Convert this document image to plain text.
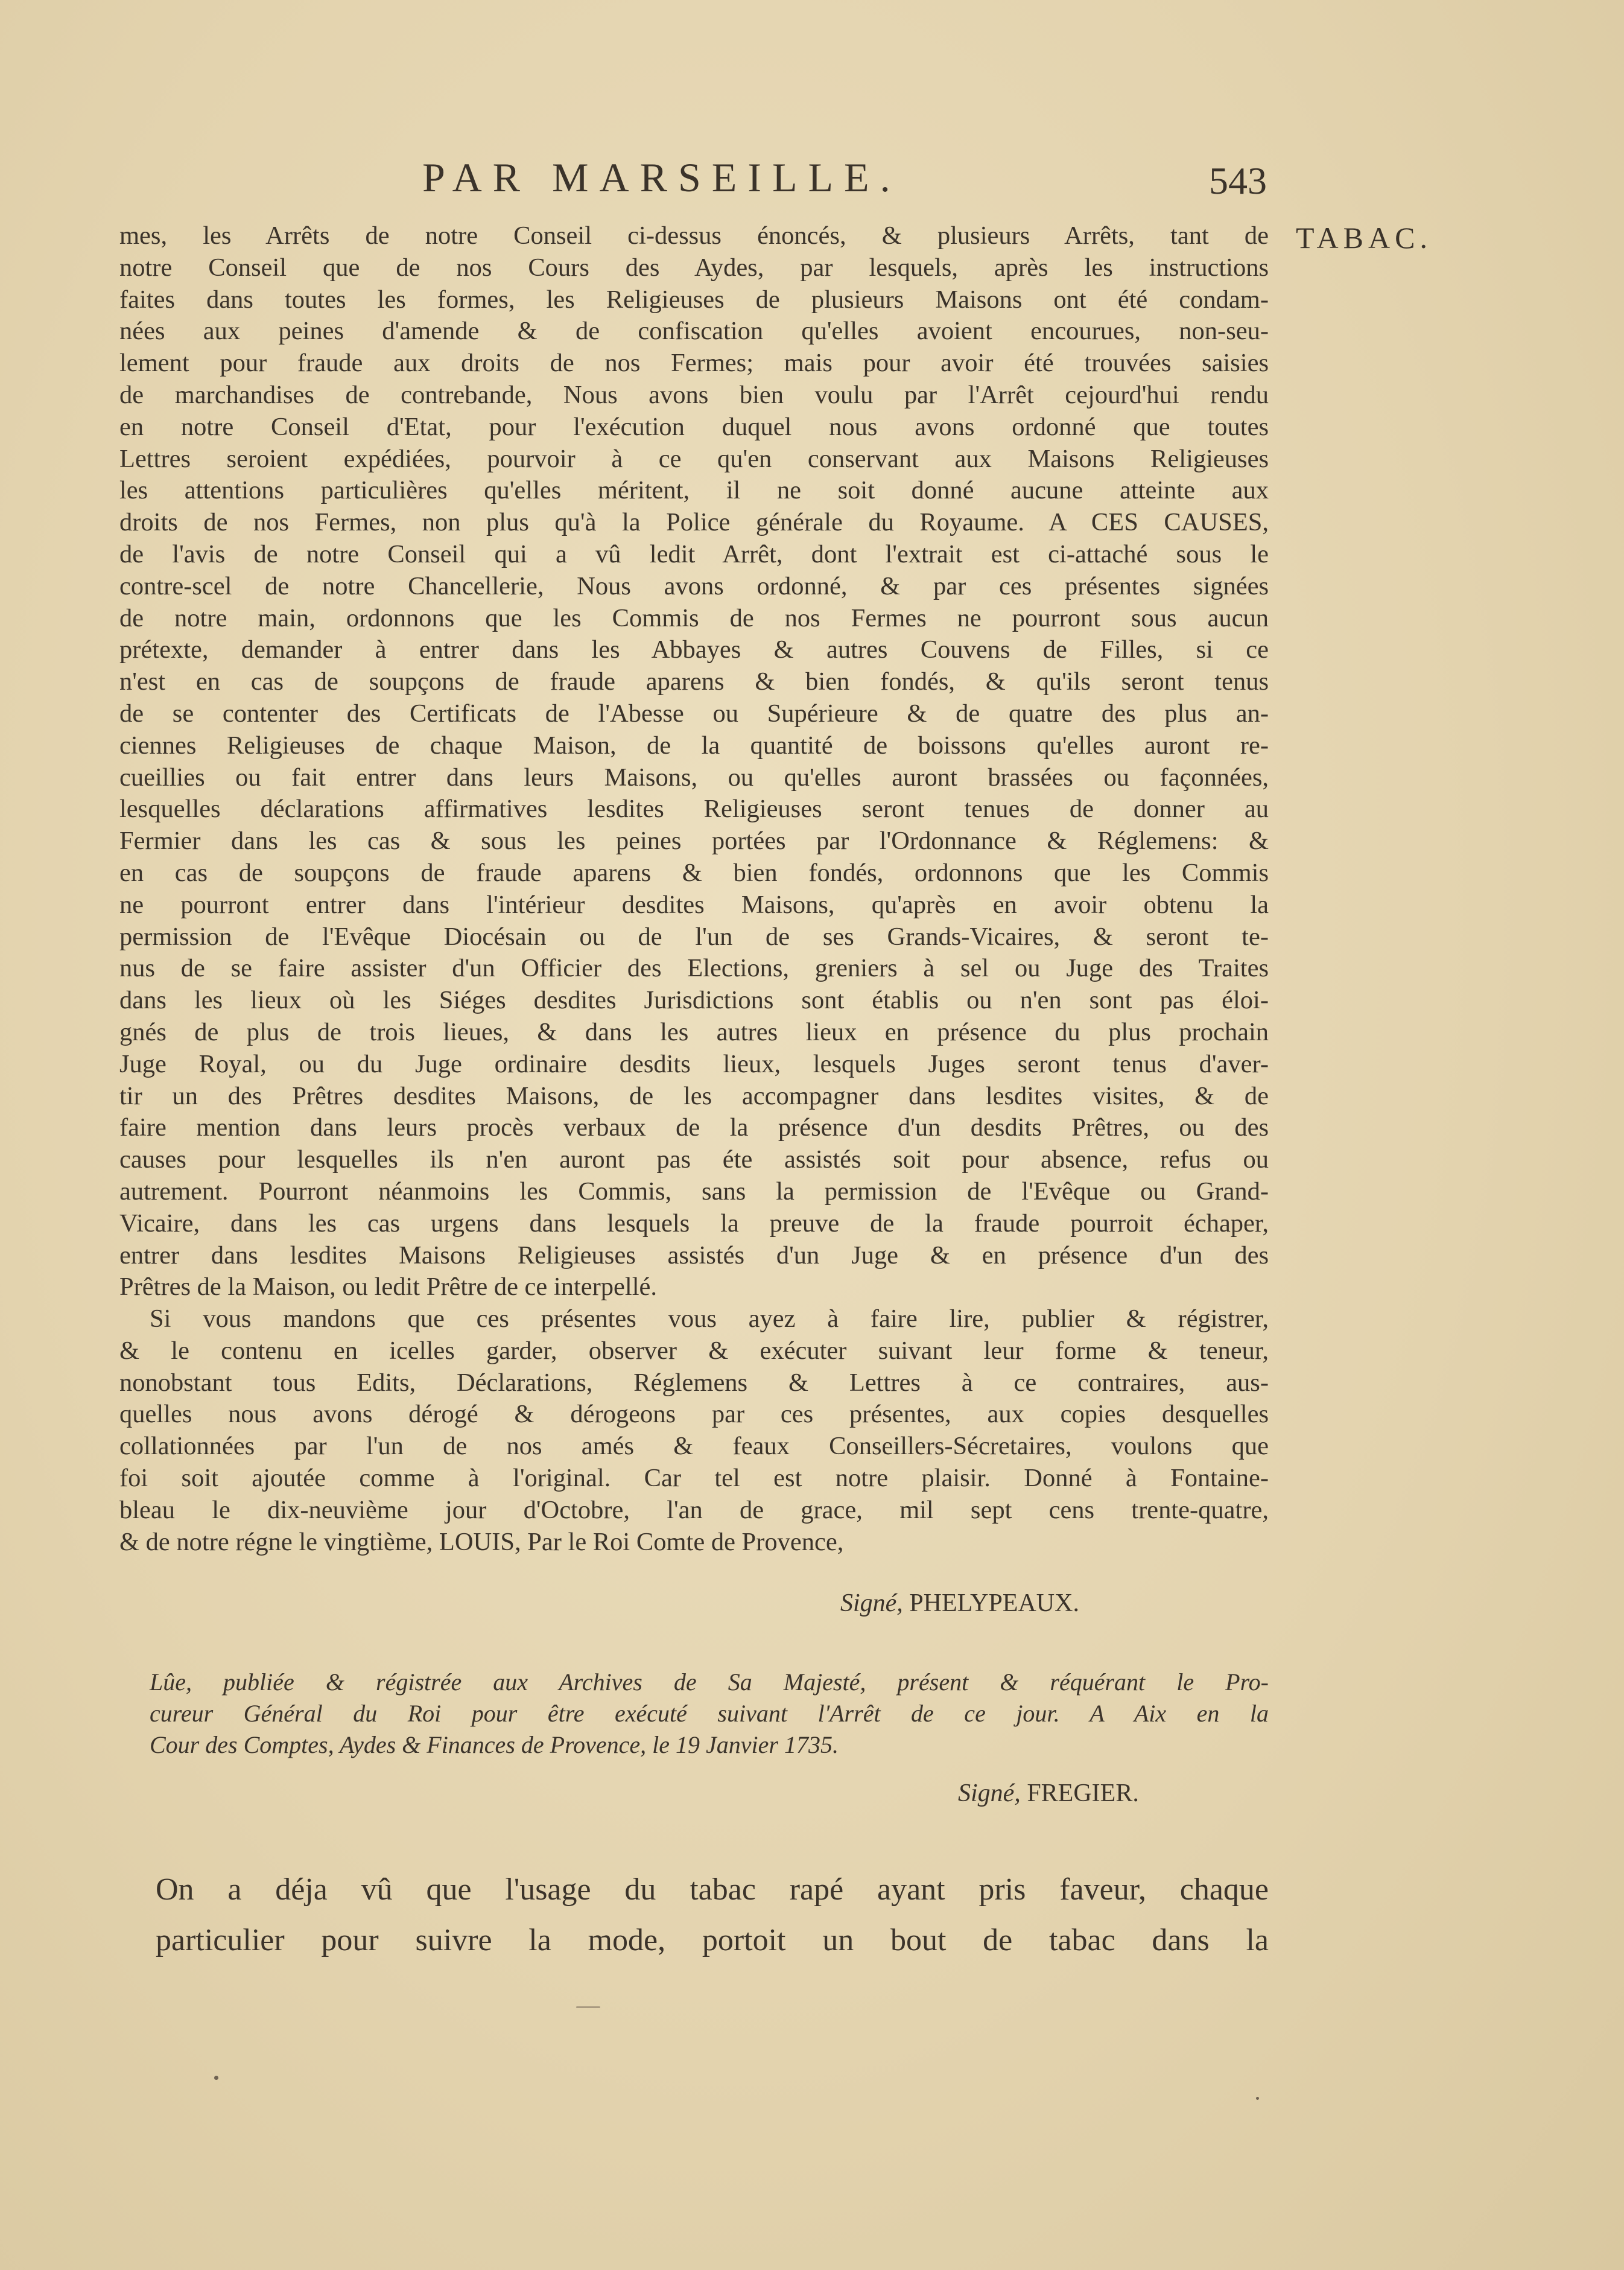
PAR MARSEILLE.	543
TABAC.
mes, les Arrêts de notre Conseil ci-dessus énoncés, & plusieurs Arrêts, tant de
notre Conseil que de nos Cours des Aydes, par lesquels, après les instructions
faites dans toutes les formes, les Religieuses de plusieurs Maisons ont été condam-
nées aux peines d'amende & de confiscation qu'elles avoient encourues, non-seu-
lement pour fraude aux droits de nos Fermes; mais pour avoir été trouvées saisies
de marchandises de contrebande, Nous avons bien voulu par l'Arrêt cejourd'hui rendu
en notre Conseil d'Etat, pour l'exécution duquel nous avons ordonné que toutes
Lettres seroient expédiées, pourvoir à ce qu'en conservant aux Maisons Religieuses
les attentions particulières qu'elles méritent, il ne soit donné aucune atteinte aux
droits de nos Fermes, non plus qu'à la Police générale du Royaume. A CES CAUSES,
de l'avis de notre Conseil qui a vû ledit Arrêt, dont l'extrait est ci-attaché sous le
contre-scel de notre Chancellerie, Nous avons ordonné, & par ces présentes signées
de notre main, ordonnons que les Commis de nos Fermes ne pourront sous aucun
prétexte, demander à entrer dans les Abbayes & autres Couvens de Filles, si ce
n'est en cas de soupçons de fraude aparens & bien fondés, & qu'ils seront tenus
de se contenter des Certificats de l'Abesse ou Supérieure & de quatre des plus an-
ciennes Religieuses de chaque Maison, de la quantité de boissons qu'elles auront re-
cueillies ou fait entrer dans leurs Maisons, ou qu'elles auront brassées ou façonnées,
lesquelles déclarations affirmatives lesdites Religieuses seront tenues de donner au
Fermier dans les cas & sous les peines portées par l'Ordonnance & Réglemens: &
en cas de soupçons de fraude aparens & bien fondés, ordonnons que les Commis
ne pourront entrer dans l'intérieur desdites Maisons, qu'après en avoir obtenu la
permission de l'Evêque Diocésain ou de l'un de ses Grands-Vicaires, & seront te-
nus de se faire assister d'un Officier des Elections, greniers à sel ou Juge des Traites
dans les lieux où les Siéges desdites Jurisdictions sont établis ou n'en sont pas éloi-
gnés de plus de trois lieues, & dans les autres lieux en présence du plus prochain
Juge Royal, ou du Juge ordinaire desdits lieux, lesquels Juges seront tenus d'aver-
tir un des Prêtres desdites Maisons, de les accompagner dans lesdites visites, & de
faire mention dans leurs procès verbaux de la présence d'un desdits Prêtres, ou des
causes pour lesquelles ils n'en auront pas éte assistés soit pour absence, refus ou
autrement. Pourront néanmoins les Commis, sans la permission de l'Evêque ou Grand-
Vicaire, dans les cas urgens dans lesquels la preuve de la fraude pourroit échaper,
entrer dans lesdites Maisons Religieuses assistés d'un Juge & en présence d'un des
Prêtres de la Maison, ou ledit Prêtre de ce interpellé.
Si vous mandons que ces présentes vous ayez à faire lire, publier & régistrer,
& le contenu en icelles garder, observer & exécuter suivant leur forme & teneur,
nonobstant tous Edits, Déclarations, Réglemens & Lettres à ce contraires, aus-
quelles nous avons dérogé & dérogeons par ces présentes, aux copies desquelles
collationnées par l'un de nos amés & feaux Conseillers-Sécretaires, voulons que
foi soit ajoutée comme à l'original. Car tel est notre plaisir. Donné à Fontaine-
bleau le dix-neuvième jour d'Octobre, l'an de grace, mil sept cens trente-quatre,
& de notre régne le vingtième, LOUIS, Par le Roi Comte de Provence,
Signé, PHELYPEAUX.
Lûe, publiée & régistrée aux Archives de Sa Majesté, présent & réquérant le Pro-
cureur Général du Roi pour être exécuté suivant l'Arrêt de ce jour. A Aix en la
Cour des Comptes, Aydes & Finances de Provence, le 19 Janvier 1735.
Signé, FREGIER.
On a déja vû que l'usage du tabac rapé ayant pris faveur, chaque
particulier pour suivre la mode, portoit un bout de tabac dans la
